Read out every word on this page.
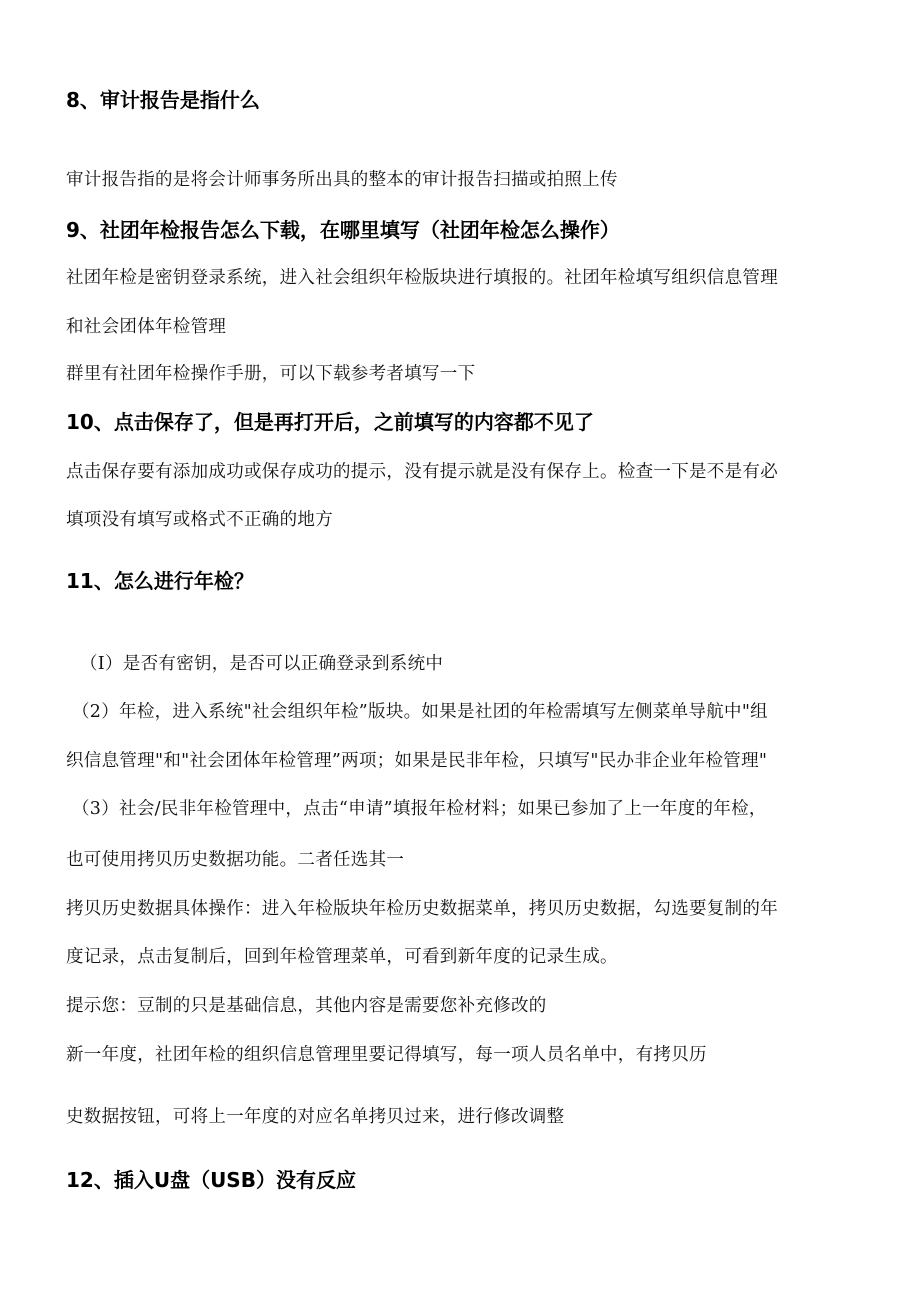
8、审计报告是指什么
审计报告指的是将会计师事务所出具的整本的审计报告扫描或拍照上传
9、社团年检报告怎么下载，在哪里填写（社团年检怎么操作）
社团年检是密钥登录系统，进入社会组织年检版块进行填报的。社团年检填写组织信息管理
和社会团体年检管理
群里有社团年检操作手册，可以下载参考者填写一下
10、点击保存了，但是再打开后，之前填写的内容都不见了
点击保存要有添加成功或保存成功的提示，没有提示就是没有保存上。检查一下是不是有必
填项没有填写或格式不正确的地方
11、怎么进行年检？
（I）是否有密钥，是否可以正确登录到系统中
（2）年检，进入系统"社会组织年检”版块。如果是社团的年检需填写左侧菜单导航中"组
织信息管理"和"社会团体年检管理”两项；如果是民非年检，只填写"民办非企业年检管理"
（3）社会/民非年检管理中，点击“申请”填报年检材料；如果已参加了上一年度的年检，
也可使用拷贝历史数据功能。二者任选其一
拷贝历史数据具体操作：进入年检版块年检历史数据菜单，拷贝历史数据，勾选要复制的年
度记录，点击复制后，回到年检管理菜单，可看到新年度的记录生成。
提示您：豆制的只是基础信息，其他内容是需要您补充修改的
新一年度，社团年检的组织信息管理里要记得填写，每一项人员名单中，有拷贝历
史数据按钮，可将上一年度的对应名单拷贝过来，进行修改调整
12、插入U盘（USB）没有反应
